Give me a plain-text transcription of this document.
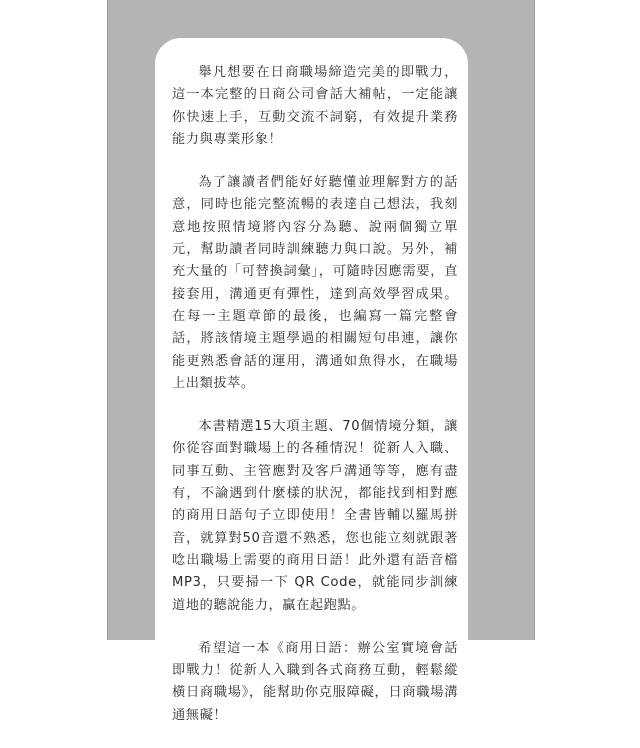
舉凡想要在日商職場締造完美的即戰力，這一本完整的日商公司會話大補帖，一定能讓你快速上手，互動交流不詞窮，有效提升業務能力與專業形象！

為了讓讀者們能好好聽懂並理解對方的話意，同時也能完整流暢的表達自己想法，我刻意地按照情境將內容分為聽、說兩個獨立單元，幫助讀者同時訓練聽力與口說。另外，補充大量的「可替換詞彙」，可隨時因應需要，直接套用，溝通更有彈性，達到高效學習成果。在每一主題章節的最後，也編寫一篇完整會話，將該情境主題學過的相關短句串連，讓你能更熟悉會話的運用，溝通如魚得水，在職場上出類拔萃。

本書精選15大項主題、70個情境分類，讓你從容面對職場上的各種情況！從新人入職、同事互動、主管應對及客戶溝通等等，應有盡有，不論遇到什麼樣的狀況，都能找到相對應的商用日語句子立即使用！全書皆輔以羅馬拼音，就算對50音還不熟悉，您也能立刻就跟著唸出職場上需要的商用日語！此外還有語音檔MP3，只要掃一下 QR Code，就能同步訓練道地的聽說能力，贏在起跑點。

希望這一本《商用日語：辦公室實境會話即戰力！從新人入職到各式商務互動，輕鬆縱橫日商職場》，能幫助你克服障礙，日商職場溝通無礙！
